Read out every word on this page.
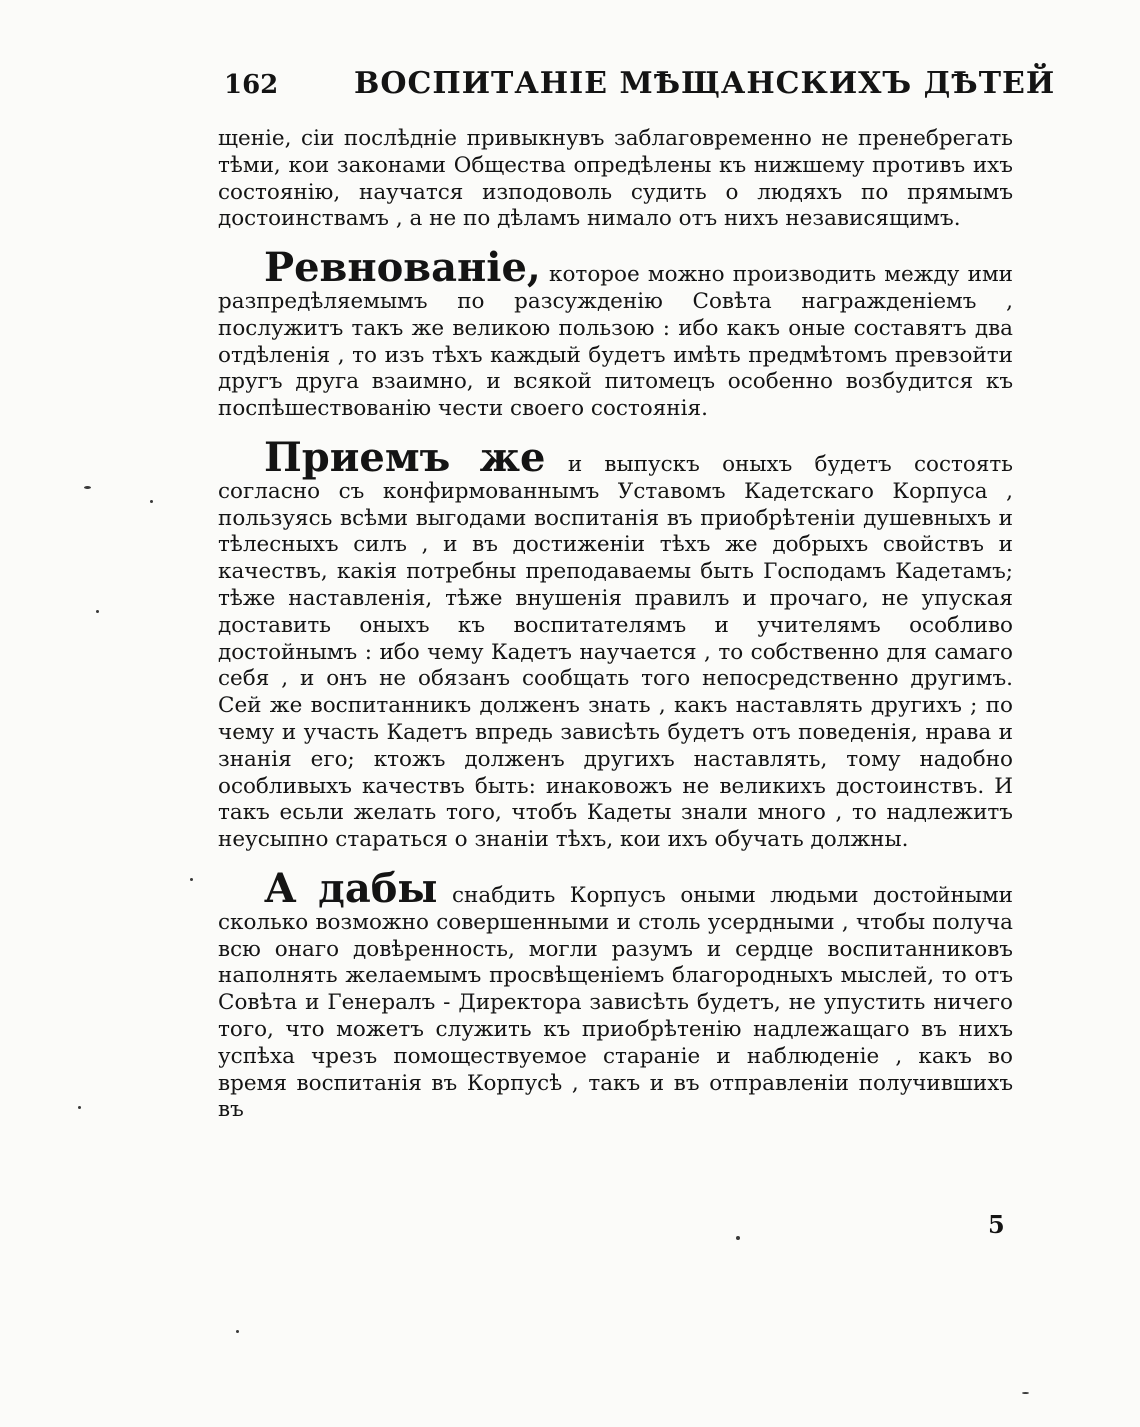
162	ВОСПИТАНІЕ МѢЩАНСКИХЪ ДѢТЕЙ

щеніе, сіи послѣдніе привыкнувъ заблаговременно не пренебрегать тѣми, кои законами Общества опредѣлены къ нижшему противъ ихъ состоянію, научатся изподоволь судить о людяхъ по прямымъ достоинствамъ , а не по дѣламъ нимало отъ нихъ независящимъ.

Ревнованіе, которое можно производить между ими разпредѣляемымъ по разсужденію Совѣта награжденіемъ , послужитъ такъ же великою пользою : ибо какъ оные составятъ два отдѣленія , то изъ тѣхъ каждый будетъ имѣть предмѣтомъ превзойти другъ друга взаимно, и всякой питомецъ особенно возбудится къ поспѣшествованію чести своего состоянія.

Приемъ же и выпускъ оныхъ будетъ состоять согласно съ конфирмованнымъ Уставомъ Кадетскаго Корпуса , пользуясь всѣми выгодами воспитанія въ приобрѣтеніи душевныхъ и тѣлесныхъ силъ , и въ достиженіи тѣхъ же добрыхъ свойствъ и качествъ, какія потребны преподаваемы быть Господамъ Кадетамъ; тѣже наставленія, тѣже внушенія правилъ и прочаго, не упуская доставить оныхъ къ воспитателямъ и учителямъ особливо достойнымъ : ибо чему Кадетъ научается , то собственно для самаго себя , и онъ не обязанъ сообщать того непосредственно другимъ. Сей же воспитанникъ долженъ знать , какъ наставлять другихъ ; по чему и участь Кадетъ впредь зависѣть будетъ отъ поведенія, нрава и знанія его; ктожъ долженъ другихъ наставлять, тому надобно особливыхъ качествъ быть: инаковожъ не великихъ достоинствъ. И такъ есьли желать того, чтобъ Кадеты знали много , то надлежитъ неусыпно стараться о знаніи тѣхъ, кои ихъ обучать должны.

А дабы снабдить Корпусъ оными людьми достойными сколько возможно совершенными и столь усердными , чтобы получа всю онаго довѣренность, могли разумъ и сердце воспитанниковъ наполнять желаемымъ просвѣщеніемъ благородныхъ мыслей, то отъ Совѣта и Генералъ - Директора зависѣть будетъ, не упустить ничего того, что можетъ служить къ приобрѣтенію надлежащаго въ нихъ успѣха чрезъ помоществуемое стараніе и наблюденіе , какъ во время воспитанія въ Корпусѣ , такъ и въ отправленіи получившихъ въ

5
